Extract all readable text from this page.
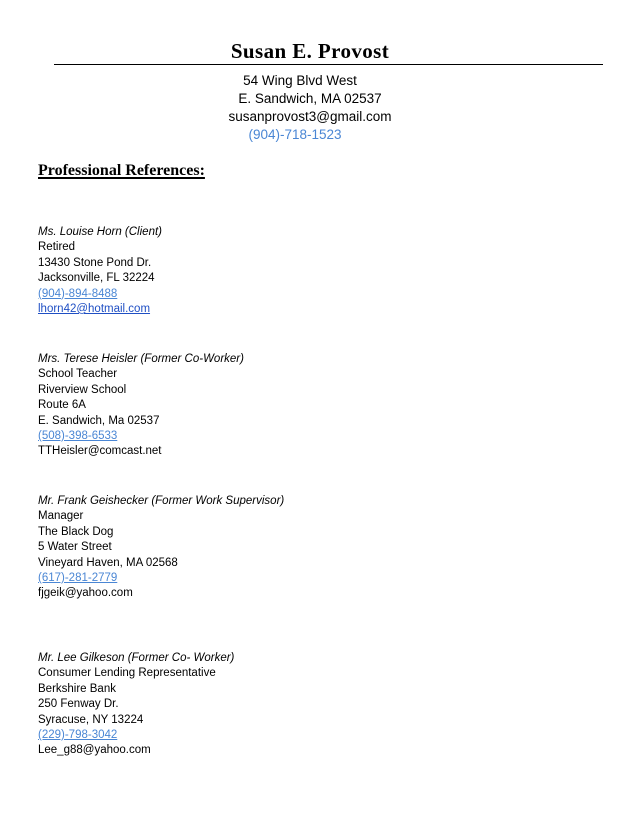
Susan E. Provost
54 Wing Blvd West
E. Sandwich, MA 02537
susanprovost3@gmail.com
(904)-718-1523
Professional References:
Ms. Louise Horn (Client)
Retired
13430 Stone Pond Dr.
Jacksonville, FL 32224
(904)-894-8488
lhorn42@hotmail.com
Mrs. Terese Heisler (Former Co-Worker)
School Teacher
Riverview School
Route 6A
E. Sandwich, Ma 02537
(508)-398-6533
TTHeisler@comcast.net
Mr. Frank Geishecker (Former Work Supervisor)
Manager
The Black Dog
5 Water Street
Vineyard Haven, MA 02568
(617)-281-2779
fjgeik@yahoo.com
Mr. Lee Gilkeson (Former Co- Worker)
Consumer Lending Representative
Berkshire Bank
250 Fenway Dr.
Syracuse, NY 13224
(229)-798-3042
Lee_g88@yahoo.com
